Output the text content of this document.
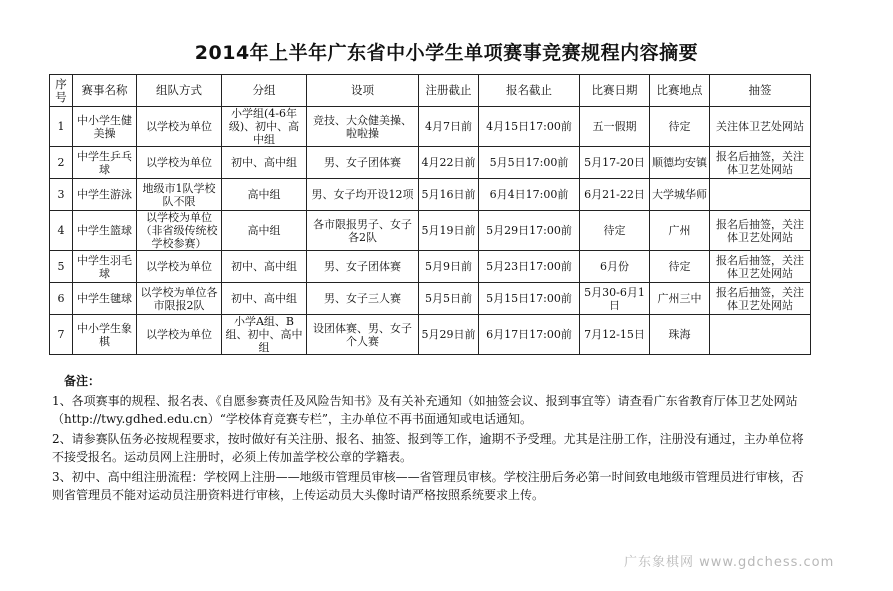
2014年上半年广东省中小学生单项赛事竞赛规程内容摘要
序号	赛事名称	组队方式	分组	设项	注册截止	报名截止	比赛日期	比赛地点	抽签
1	中小学生健美操	以学校为单位	小学组(4-6年级)、初中、高中组	竞技、大众健美操、啦啦操	4月7日前	4月15日17:00前	五一假期	待定	关注体卫艺处网站
2	中学生乒乓球	以学校为单位	初中、高中组	男、女子团体赛	4月22日前	5月5日17:00前	5月17-20日	顺德均安镇	报名后抽签，关注体卫艺处网站
3	中学生游泳	地级市1队学校队不限	高中组	男、女子均开设12项	5月16日前	6月4日17:00前	6月21-22日	大学城华师	
4	中学生篮球	以学校为单位（非省级传统校学校参赛）	高中组	各市限报男子、女子各2队	5月19日前	5月29日17:00前	待定	广州	报名后抽签，关注体卫艺处网站
5	中学生羽毛球	以学校为单位	初中、高中组	男、女子团体赛	5月9日前	5月23日17:00前	6月份	待定	报名后抽签，关注体卫艺处网站
6	中学生毽球	以学校为单位各市限报2队	初中、高中组	男、女子三人赛	5月5日前	5月15日17:00前	5月30-6月1日	广州三中	报名后抽签，关注体卫艺处网站
7	中小学生象棋	以学校为单位	小学A组、B组、初中、高中组	设团体赛、男、女子个人赛	5月29日前	6月17日17:00前	7月12-15日	珠海	

备注：

1、各项赛事的规程、报名表、《自愿参赛责任及风险告知书》及有关补充通知（如抽签会议、报到事宜等）请查看广东省教育厅体卫艺处网站（http://twy.gdhed.edu.cn）“学校体育竞赛专栏”，主办单位不再书面通知或电话通知。

2、请参赛队伍务必按规程要求，按时做好有关注册、报名、抽签、报到等工作，逾期不予受理。尤其是注册工作，注册没有通过，主办单位将不接受报名。运动员网上注册时，必须上传加盖学校公章的学籍表。

3、初中、高中组注册流程：学校网上注册——地级市管理员审核——省管理员审核。学校注册后务必第一时间致电地级市管理员进行审核，否则省管理员不能对运动员注册资料进行审核，上传运动员大头像时请严格按照系统要求上传。

广东象棋网 www.gdchess.com
